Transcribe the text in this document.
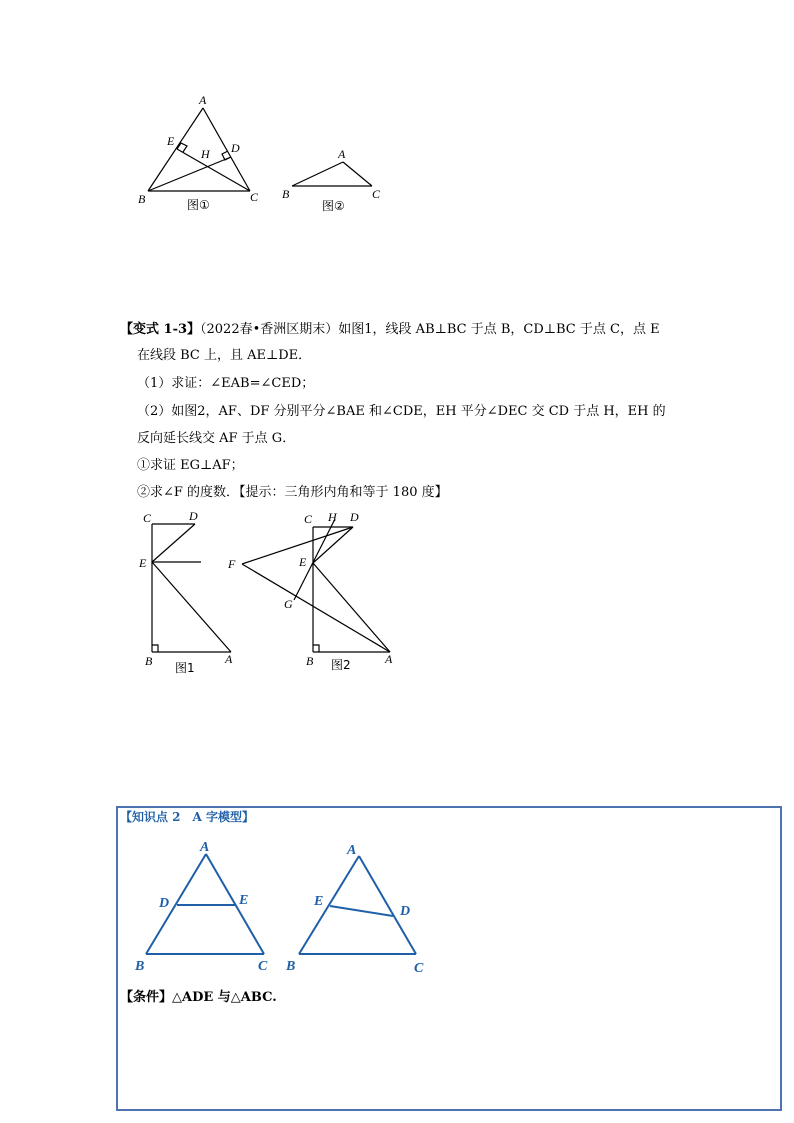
A
E	D
H
B	C
图①
A
B	C
图②
【变式 1-3】（2022春•香洲区期末）如图1，线段 AB⊥BC 于点 B，CD⊥BC 于点 C，点 E
在线段 BC 上，且 AE⊥DE．
（1）求证：∠EAB=∠CED；
（2）如图2，AF、DF 分别平分∠BAE 和∠CDE，EH 平分∠DEC 交 CD 于点 H，EH 的
反向延长线交 AF 于点 G．
①求证 EG⊥AF；
②求∠F 的度数．【提示：三角形内角和等于 180 度】
C	D
E
B	A
图1
C H D
E
F
G
B	A
图2
【知识点 2　A 字模型】
A
D	E
B	C
A
E
D
B	C
【条件】△ADE 与△ABC.
